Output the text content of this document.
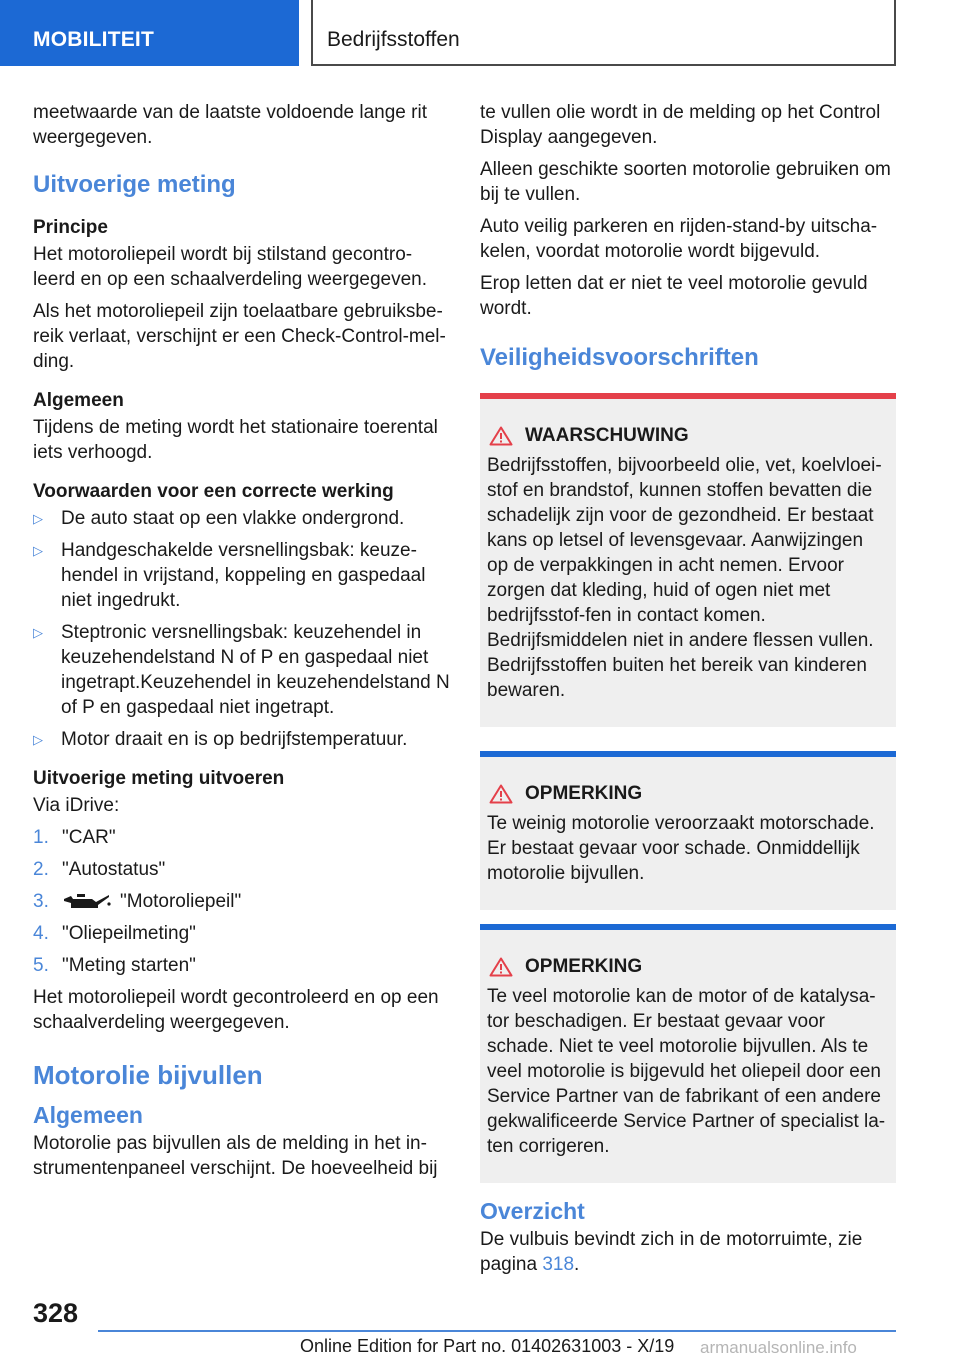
MOBILITEIT	Bedrijfsstoffen

meetwaarde van de laatste voldoende lange rit weergegeven.

Uitvoerige meting
Principe

Het motoroliepeil wordt bij stilstand gecontro-leerd en op een schaalverdeling weergegeven.

Als het motoroliepeil zijn toelaatbare gebruiksbe-reik verlaat, verschijnt er een Check-Control-mel-ding.

Algemeen

Tijdens de meting wordt het stationaire toerental iets verhoogd.

Voorwaarden voor een correcte werking
▷ De auto staat op een vlakke ondergrond.
▷ Handgeschakelde versnellingsbak: keuze-hendel in vrijstand, koppeling en gaspedaal niet ingedrukt.
▷ Steptronic versnellingsbak: keuzehendel in keuzehendelstand N of P en gaspedaal niet ingetrapt.Keuzehendel in keuzehendelstand N of P en gaspedaal niet ingetrapt.
▷ Motor draait en is op bedrijfstemperatuur.
Uitvoerige meting uitvoeren

Via iDrive:

1. "CAR"
2. "Autostatus"
3.	"Motoroliepeil"
4. "Oliepeilmeting"
5. "Meting starten"

Het motoroliepeil wordt gecontroleerd en op een schaalverdeling weergegeven.

Motorolie bijvullen
Algemeen

Motorolie pas bijvullen als de melding in het in-strumentenpaneel verschijnt. De hoeveelheid bij

te vullen olie wordt in de melding op het Control Display aangegeven.

Alleen geschikte soorten motorolie gebruiken om bij te vullen.

Auto veilig parkeren en rijden-stand-by uitscha-kelen, voordat motorolie wordt bijgevuld.

Erop letten dat er niet te veel motorolie gevuld wordt.

Veiligheidsvoorschriften
WAARSCHUWING
Bedrijfsstoffen, bijvoorbeeld olie, vet, koelvloei-stof en brandstof, kunnen stoffen bevatten die schadelijk zijn voor de gezondheid. Er bestaat kans op letsel of levensgevaar. Aanwijzingen op de verpakkingen in acht nemen. Ervoor zorgen dat kleding, huid of ogen niet met bedrijfsstof-fen in contact komen. Bedrijfsmiddelen niet in andere flessen vullen. Bedrijfsstoffen buiten het bereik van kinderen bewaren.
OPMERKING
Te weinig motorolie veroorzaakt motorschade. Er bestaat gevaar voor schade. Onmiddellijk motorolie bijvullen.
OPMERKING
Te veel motorolie kan de motor of de katalysa-tor beschadigen. Er bestaat gevaar voor schade. Niet te veel motorolie bijvullen. Als te veel motorolie is bijgevuld het oliepeil door een Service Partner van de fabrikant of een andere gekwalificeerde Service Partner of specialist la-ten corrigeren.
Overzicht

De vulbuis bevindt zich in de motorruimte, zie pagina 318.

328
Online Edition for Part no. 01402631003 - X/19 armanualsonline.info
